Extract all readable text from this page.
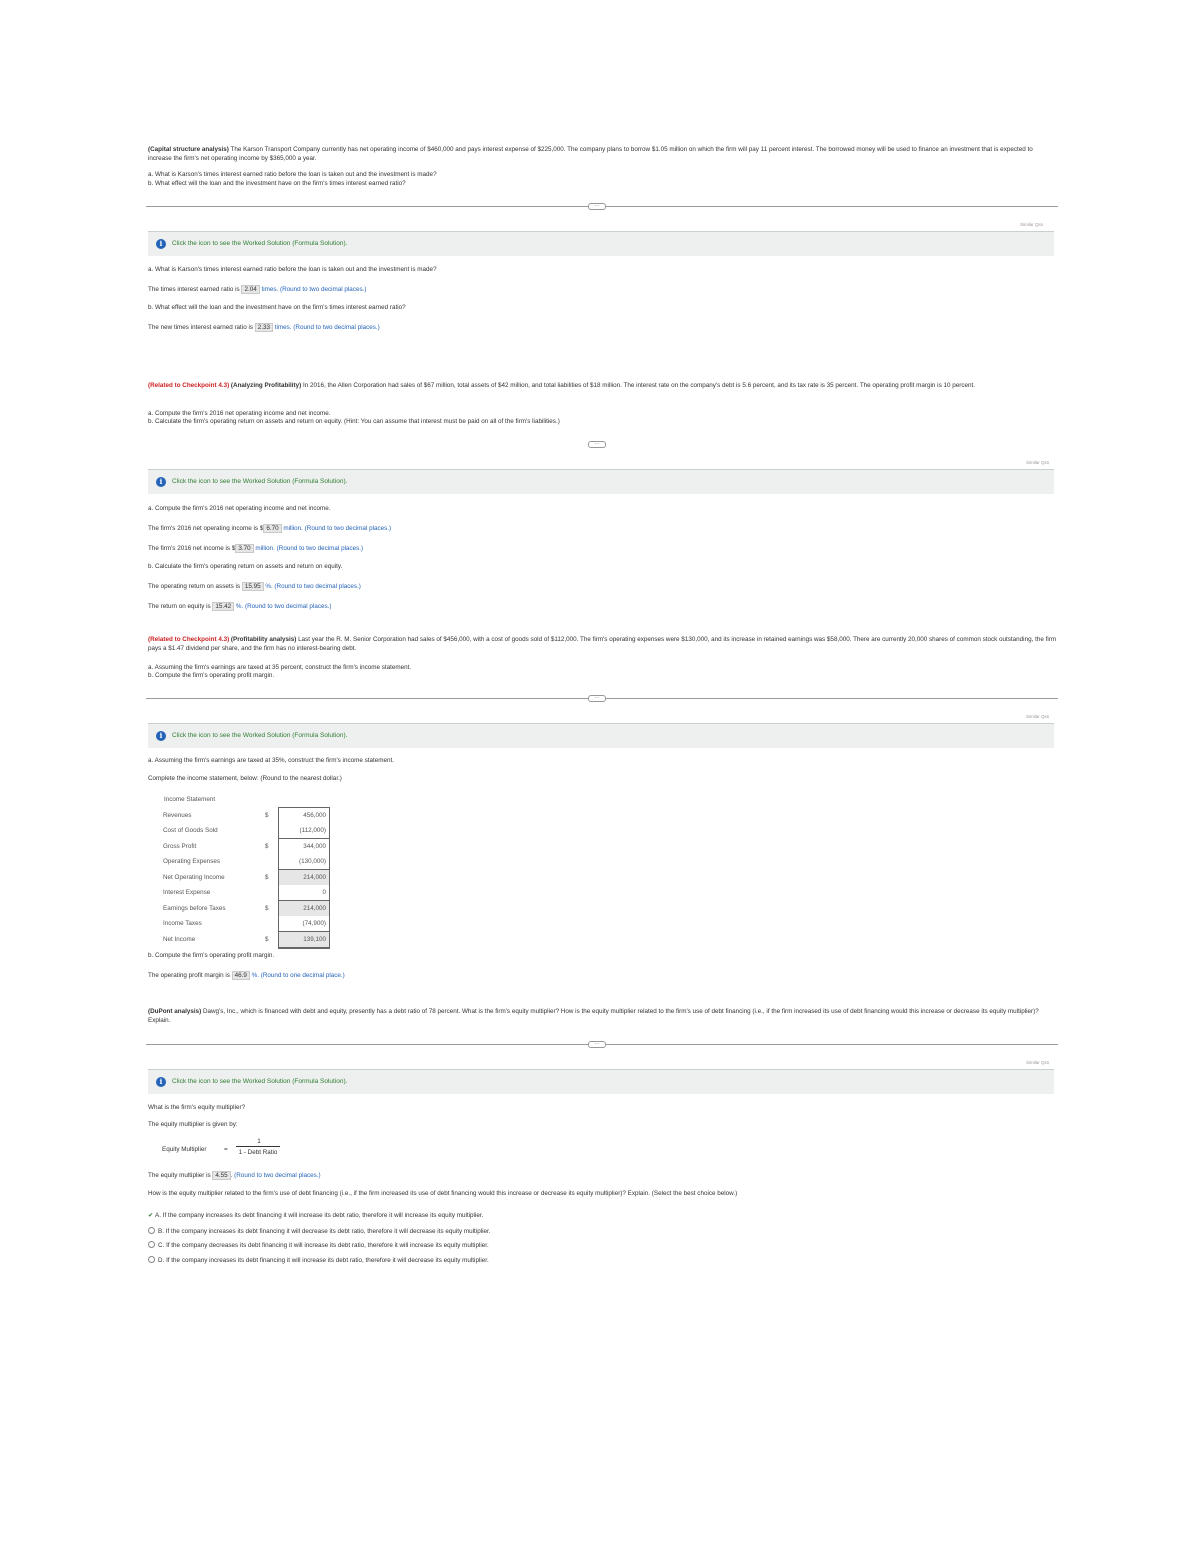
(Capital structure analysis) The Karson Transport Company currently has net operating income of $460,000 and pays interest expense of $225,000. The company plans to borrow $1.05 million on which the firm will pay 11 percent interest. The borrowed money will be used to finance an investment that is expected to increase the firm's net operating income by $365,000 a year.
a. What is Karson's times interest earned ratio before the loan is taken out and the investment is made?
b. What effect will the loan and the investment have on the firm's times interest earned ratio?
···
Similar Qsn
i	Click the icon to see the Worked Solution (Formula Solution).
a. What is Karson's times interest earned ratio before the loan is taken out and the investment is made?
The times interest earned ratio is 2.04 times. (Round to two decimal places.)
b. What effect will the loan and the investment have on the firm's times interest earned ratio?
The new times interest earned ratio is 2.33 times. (Round to two decimal places.)
(Related to Checkpoint 4.3) (Analyzing Profitability) In 2016, the Allen Corporation had sales of $67 million, total assets of $42 million, and total liabilities of $18 million. The interest rate on the company's debt is 5.6 percent, and its tax rate is 35 percent. The operating profit margin is 10 percent.
a. Compute the firm's 2016 net operating income and net income.
b. Calculate the firm's operating return on assets and return on equity. (Hint: You can assume that interest must be paid on all of the firm's liabilities.)
···
Similar Qsn
i	Click the icon to see the Worked Solution (Formula Solution).
a. Compute the firm's 2016 net operating income and net income.
The firm's 2016 net operating income is $ 6.70 million. (Round to two decimal places.)
The firm's 2016 net income is $ 3.70 million. (Round to two decimal places.)
b. Calculate the firm's operating return on assets and return on equity.
The operating return on assets is 15.95 %. (Round to two decimal places.)
The return on equity is 15.42 %. (Round to two decimal places.)
(Related to Checkpoint 4.3) (Profitability analysis) Last year the R. M. Senior Corporation had sales of $456,000, with a cost of goods sold of $112,000. The firm's operating expenses were $130,000, and its increase in retained earnings was $58,000. There are currently 20,000 shares of common stock outstanding, the firm pays a $1.47 dividend per share, and the firm has no interest-bearing debt.
a. Assuming the firm's earnings are taxed at 35 percent, construct the firm's income statement.
b. Compute the firm's operating profit margin.
···
Similar Qsn
i	Click the icon to see the Worked Solution (Formula Solution).
a. Assuming the firm's earnings are taxed at 35%, construct the firm's income statement.
Complete the income statement, below: (Round to the nearest dollar.)
Income Statement
Revenues	$	456,000
Cost of Goods Sold		(112,000)
Gross Profit	$	344,000
Operating Expenses		(130,000)
Net Operating Income	$	214,000
Interest Expense		0
Earnings before Taxes	$	214,000
Income Taxes		(74,900)
Net Income	$	139,100
b. Compute the firm's operating profit margin.
The operating profit margin is 46.9 %. (Round to one decimal place.)
(DuPont analysis) Dawg's, Inc., which is financed with debt and equity, presently has a debt ratio of 78 percent. What is the firm's equity multiplier? How is the equity multiplier related to the firm's use of debt financing (i.e., if the firm increased its use of debt financing would this increase or decrease its equity multiplier)? Explain.
···
Similar Qsn
i	Click the icon to see the Worked Solution (Formula Solution).
What is the firm's equity multiplier?
The equity multiplier is given by:
Equity Multiplier	=
1
1 - Debt Ratio
The equity multiplier is 4.55 . (Round to two decimal places.)
How is the equity multiplier related to the firm's use of debt financing (i.e., if the firm increased its use of debt financing would this increase or decrease its equity multiplier)? Explain. (Select the best choice below.)
✔ A. If the company increases its debt financing it will increase its debt ratio, therefore it will increase its equity multiplier.
B. If the company increases its debt financing it will decrease its debt ratio, therefore it will decrease its equity multiplier.
C. If the company decreases its debt financing it will increase its debt ratio, therefore it will increase its equity multiplier.
D. If the company increases its debt financing it will increase its debt ratio, therefore it will decrease its equity multiplier.
